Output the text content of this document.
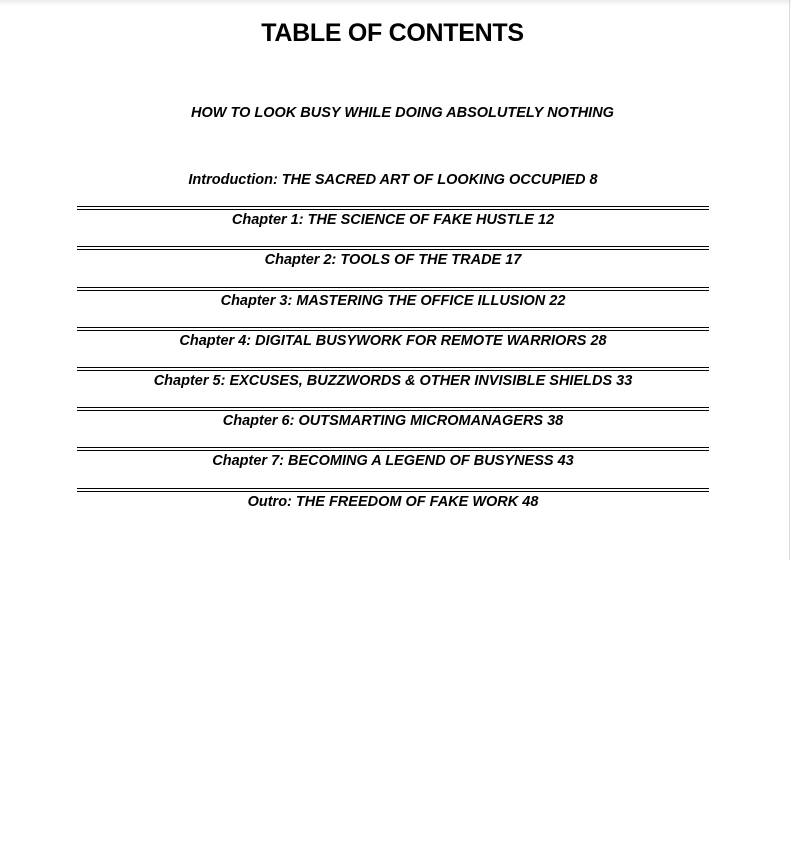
TABLE OF CONTENTS
HOW TO LOOK BUSY WHILE DOING ABSOLUTELY NOTHING
Introduction: THE SACRED ART OF LOOKING OCCUPIED 8
Chapter 1: THE SCIENCE OF FAKE HUSTLE 12
Chapter 2: TOOLS OF THE TRADE 17
Chapter 3: MASTERING THE OFFICE ILLUSION 22
Chapter 4: DIGITAL BUSYWORK FOR REMOTE WARRIORS 28
Chapter 5: EXCUSES, BUZZWORDS & OTHER INVISIBLE SHIELDS 33
Chapter 6: OUTSMARTING MICROMANAGERS 38
Chapter 7: BECOMING A LEGEND OF BUSYNESS 43
Outro: THE FREEDOM OF FAKE WORK 48
